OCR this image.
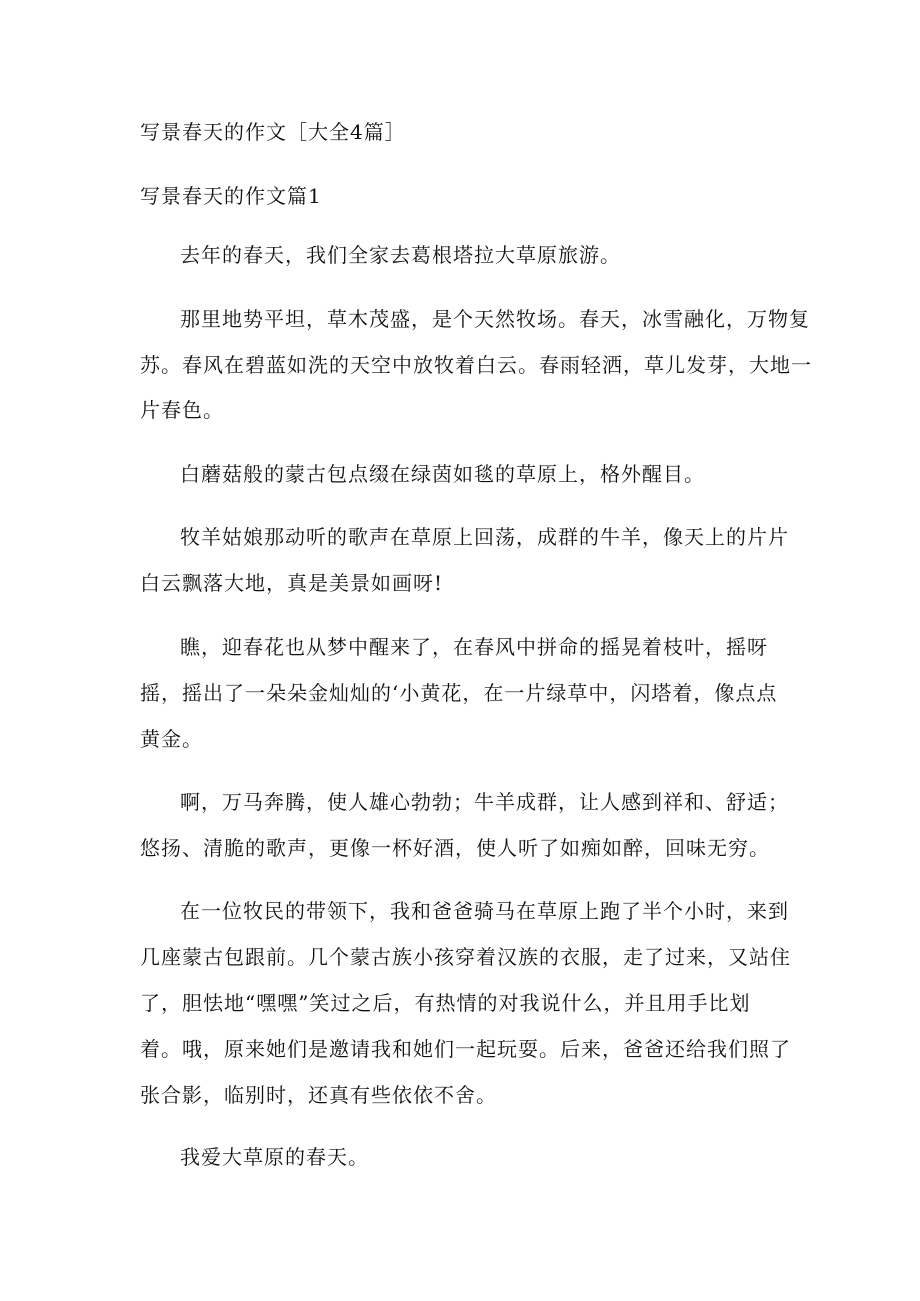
写景春天的作文［大全4篇］

写景春天的作文篇1

去年的春天，我们全家去葛根塔拉大草原旅游。

那里地势平坦，草木茂盛，是个天然牧场。春天，冰雪融化，万物复

苏。春风在碧蓝如洗的天空中放牧着白云。春雨轻洒，草儿发芽，大地一

片春色。

白蘑菇般的蒙古包点缀在绿茵如毯的草原上，格外醒目。

牧羊姑娘那动听的歌声在草原上回荡，成群的牛羊，像天上的片片

白云飘落大地，真是美景如画呀!

瞧，迎春花也从梦中醒来了，在春风中拼命的摇晃着枝叶，摇呀

摇，摇出了一朵朵金灿灿的‘小黄花，在一片绿草中，闪塔着，像点点

黄金。

啊，万马奔腾，使人雄心勃勃；牛羊成群，让人感到祥和、舒适；

悠扬、清脆的歌声，更像一杯好酒，使人听了如痴如醉，回味无穷。

在一位牧民的带领下，我和爸爸骑马在草原上跑了半个小时，来到

几座蒙古包跟前。几个蒙古族小孩穿着汉族的衣服，走了过来，又站住

了，胆怯地“嘿嘿”笑过之后，有热情的对我说什么，并且用手比划

着。哦，原来她们是邀请我和她们一起玩耍。后来，爸爸还给我们照了

张合影，临别时，还真有些依依不舍。

我爱大草原的春天。
